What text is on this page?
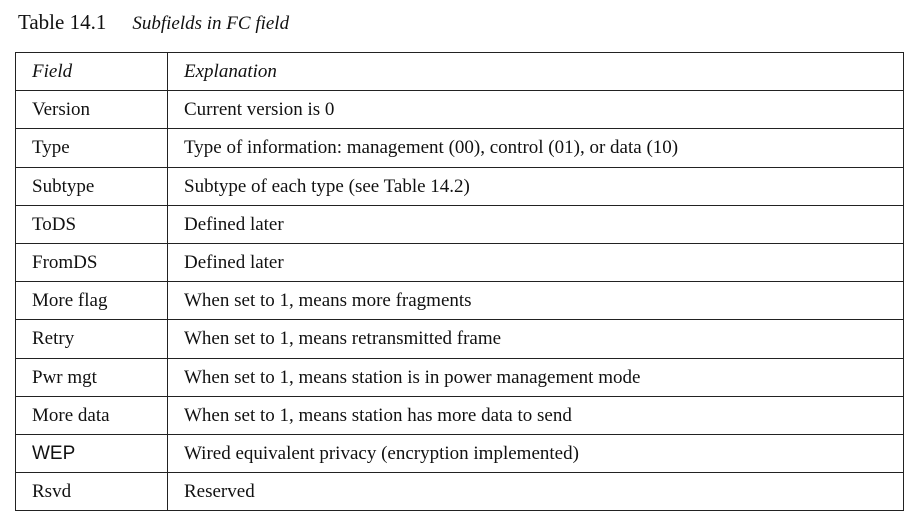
Table 14.1 Subfields in FC field
Field	Explanation
Version	Current version is 0
Type	Type of information: management (00), control (01), or data (10)
Subtype	Subtype of each type (see Table 14.2)
ToDS	Defined later
FromDS	Defined later
More flag	When set to 1, means more fragments
Retry	When set to 1, means retransmitted frame
Pwr mgt	When set to 1, means station is in power management mode
More data	When set to 1, means station has more data to send
WEP	Wired equivalent privacy (encryption implemented)
Rsvd	Reserved
